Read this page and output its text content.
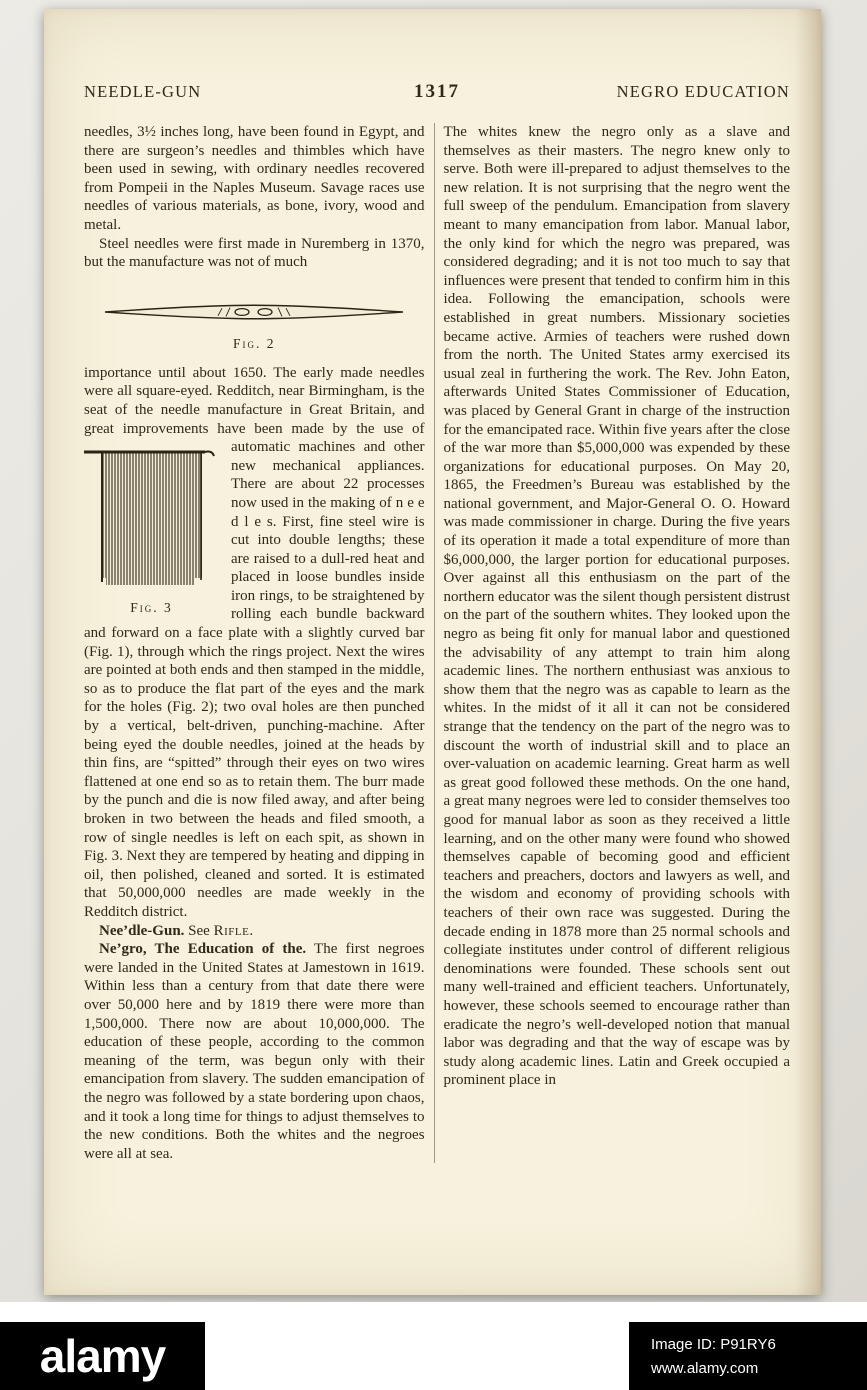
NEEDLE-GUN	1317	NEGRO EDUCATION

needles, 3½ inches long, have been found in Egypt, and there are surgeon’s needles and thimbles which have been used in sewing, with ordinary needles recovered from Pompeii in the Naples Museum. Savage races use needles of various materials, as bone, ivory, wood and metal.

Steel needles were first made in Nuremberg in 1370, but the manufacture was not of much

Fig. 2

importance until about 1650. The early made needles were all square-eyed. Redditch, near Birmingham, is the seat of the needle manufacture in Great Britain, and great improvements have been made by the
Fig. 3
use of automatic machines and other new mechanical appliances. There are about 22 processes now used in the making of n e e d l e s. First, fine steel wire is cut into double lengths; these are raised to a dull-red heat and placed in loose bundles inside iron rings, to be straightened by rolling each bundle backward and forward on a face plate with a slightly curved bar (Fig. 1), through which the rings project. Next the wires are pointed at both ends and then stamped in the middle, so as to produce the flat part of the eyes and the mark for the holes (Fig. 2); two oval holes are then punched by a vertical, belt-driven, punching-machine. After being eyed the double needles, joined at the heads by thin fins, are “spitted” through their eyes on two wires flattened at one end so as to retain them. The burr made by the punch and die is now filed away, and after being broken in two between the heads and filed smooth, a row of single needles is left on each spit, as shown in Fig. 3. Next they are tempered by heating and dipping in oil, then polished, cleaned and sorted. It is estimated that 50,000,000 needles are made weekly in the Redditch district.

Nee’dle-Gun. See Rifle.

Ne’gro, The Education of the. The first negroes were landed in the United States at Jamestown in 1619. Within less than a century from that date there were over 50,000 here and by 1819 there were more than 1,500,000. There now are about 10,000,000. The education of these people, according to the common meaning of the term, was begun only with their emancipation from slavery. The sudden emancipation of the negro was followed by a state bordering upon chaos, and it took a long time for things to adjust themselves to the new conditions. Both the whites and the negroes were all at sea.

The whites knew the negro only as a slave and themselves as their masters. The negro knew only to serve. Both were ill-prepared to adjust themselves to the new relation. It is not surprising that the negro went the full sweep of the pendulum. Emancipation from slavery meant to many emancipation from labor. Manual labor, the only kind for which the negro was prepared, was considered degrading; and it is not too much to say that influences were present that tended to confirm him in this idea. Following the emancipation, schools were established in great numbers. Missionary societies became active. Armies of teachers were rushed down from the north. The United States army exercised its usual zeal in furthering the work. The Rev. John Eaton, afterwards United States Commissioner of Education, was placed by General Grant in charge of the instruction for the emancipated race. Within five years after the close of the war more than $5,000,000 was expended by these organizations for educational purposes. On May 20, 1865, the Freedmen’s Bureau was established by the national government, and Major-General O. O. Howard was made commissioner in charge. During the five years of its operation it made a total expenditure of more than $6,000,000, the larger portion for educational purposes. Over against all this enthusiasm on the part of the northern educator was the silent though persistent distrust on the part of the southern whites. They looked upon the negro as being fit only for manual labor and questioned the advisability of any attempt to train him along academic lines. The northern enthusiast was anxious to show them that the negro was as capable to learn as the whites. In the midst of it all it can not be considered strange that the tendency on the part of the negro was to discount the worth of industrial skill and to place an over-valuation on academic learning. Great harm as well as great good followed these methods. On the one hand, a great many negroes were led to consider themselves too good for manual labor as soon as they received a little learning, and on the other many were found who showed themselves capable of becoming good and efficient teachers and preachers, doctors and lawyers as well, and the wisdom and economy of providing schools with teachers of their own race was suggested. During the decade ending in 1878 more than 25 normal schools and collegiate institutes under control of different religious denominations were founded. These schools sent out many well-trained and efficient teachers. Unfortunately, however, these schools seemed to encourage rather than eradicate the negro’s well-developed notion that manual labor was degrading and that the way of escape was by study along academic lines. Latin and Greek occupied a prominent place in

alamy	Image ID: P91RY6
www.alamy.com
